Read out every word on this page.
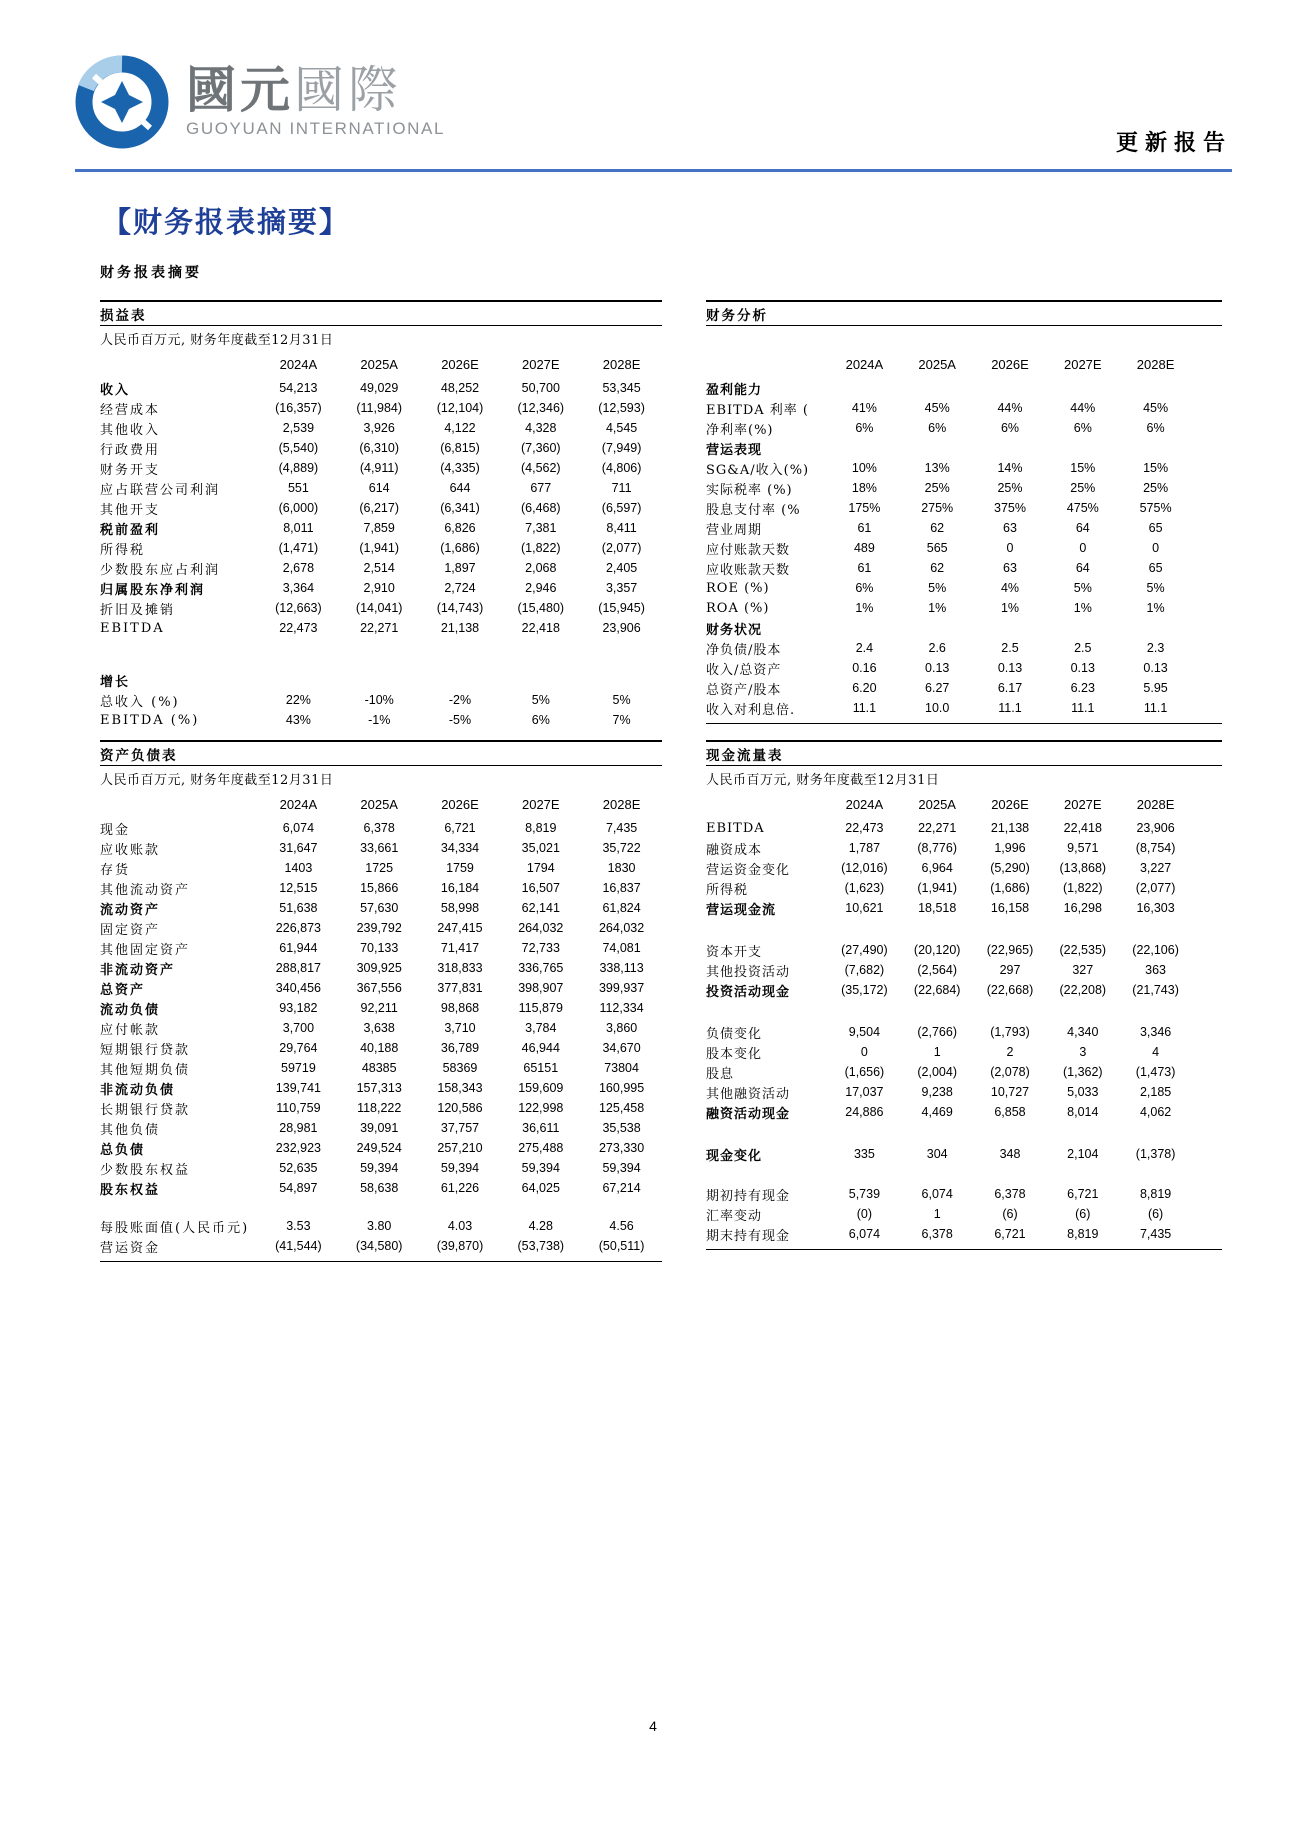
國元國際
GUOYUAN INTERNATIONAL
更新报告
【财务报表摘要】
财务报表摘要
损益表
人民币百万元, 财务年度截至12月31日
2024A	2025A	2026E	2027E	2028E
收入	54,213	49,029	48,252	50,700	53,345
经营成本	(16,357)	(11,984)	(12,104)	(12,346)	(12,593)
其他收入	2,539	3,926	4,122	4,328	4,545
行政费用	(5,540)	(6,310)	(6,815)	(7,360)	(7,949)
财务开支	(4,889)	(4,911)	(4,335)	(4,562)	(4,806)
应占联营公司利润	551	614	644	677	711
其他开支	(6,000)	(6,217)	(6,341)	(6,468)	(6,597)
税前盈利	8,011	7,859	6,826	7,381	8,411
所得税	(1,471)	(1,941)	(1,686)	(1,822)	(2,077)
少数股东应占利润	2,678	2,514	1,897	2,068	2,405
归属股东净利润	3,364	2,910	2,724	2,946	3,357
折旧及摊销	(12,663)	(14,041)	(14,743)	(15,480)	(15,945)
EBITDA	22,473	22,271	21,138	22,418	23,906
增长
总收入 (%)	22%	-10%	-2%	5%	5%
EBITDA (%)	43%	-1%	-5%	6%	7%
财务分析
2024A	2025A	2026E	2027E	2028E
盈利能力
EBITDA 利率 (	41%	45%	44%	44%	45%
净利率(%)	6%	6%	6%	6%	6%
营运表现
SG&A/收入(%)	10%	13%	14%	15%	15%
实际税率 (%)	18%	25%	25%	25%	25%
股息支付率 (%	175%	275%	375%	475%	575%
营业周期	61	62	63	64	65
应付账款天数	489	565	0	0	0
应收账款天数	61	62	63	64	65
ROE (%)	6%	5%	4%	5%	5%
ROA (%)	1%	1%	1%	1%	1%
财务状况
净负债/股本	2.4	2.6	2.5	2.5	2.3
收入/总资产	0.16	0.13	0.13	0.13	0.13
总资产/股本	6.20	6.27	6.17	6.23	5.95
收入对利息倍.	11.1	10.0	11.1	11.1	11.1
资产负债表
人民币百万元, 财务年度截至12月31日
2024A	2025A	2026E	2027E	2028E
现金	6,074	6,378	6,721	8,819	7,435
应收账款	31,647	33,661	34,334	35,021	35,722
存货	1403	1725	1759	1794	1830
其他流动资产	12,515	15,866	16,184	16,507	16,837
流动资产	51,638	57,630	58,998	62,141	61,824
固定资产	226,873	239,792	247,415	264,032	264,032
其他固定资产	61,944	70,133	71,417	72,733	74,081
非流动资产	288,817	309,925	318,833	336,765	338,113
总资产	340,456	367,556	377,831	398,907	399,937
流动负债	93,182	92,211	98,868	115,879	112,334
应付帐款	3,700	3,638	3,710	3,784	3,860
短期银行贷款	29,764	40,188	36,789	46,944	34,670
其他短期负债	59719	48385	58369	65151	73804
非流动负债	139,741	157,313	158,343	159,609	160,995
长期银行贷款	110,759	118,222	120,586	122,998	125,458
其他负债	28,981	39,091	37,757	36,611	35,538
总负债	232,923	249,524	257,210	275,488	273,330
少数股东权益	52,635	59,394	59,394	59,394	59,394
股东权益	54,897	58,638	61,226	64,025	67,214
每股账面值(人民币元)	3.53	3.80	4.03	4.28	4.56
营运资金	(41,544)	(34,580)	(39,870)	(53,738)	(50,511)
现金流量表
人民币百万元, 财务年度截至12月31日
2024A	2025A	2026E	2027E	2028E
EBITDA	22,473	22,271	21,138	22,418	23,906
融资成本	1,787	(8,776)	1,996	9,571	(8,754)
营运资金变化	(12,016)	6,964	(5,290)	(13,868)	3,227
所得税	(1,623)	(1,941)	(1,686)	(1,822)	(2,077)
营运现金流	10,621	18,518	16,158	16,298	16,303
资本开支	(27,490)	(20,120)	(22,965)	(22,535)	(22,106)
其他投资活动	(7,682)	(2,564)	297	327	363
投资活动现金	(35,172)	(22,684)	(22,668)	(22,208)	(21,743)
负债变化	9,504	(2,766)	(1,793)	4,340	3,346
股本变化	0	1	2	3	4
股息	(1,656)	(2,004)	(2,078)	(1,362)	(1,473)
其他融资活动	17,037	9,238	10,727	5,033	2,185
融资活动现金	24,886	4,469	6,858	8,014	4,062
现金变化	335	304	348	2,104	(1,378)
期初持有现金	5,739	6,074	6,378	6,721	8,819
汇率变动	(0)	1	(6)	(6)	(6)
期末持有现金	6,074	6,378	6,721	8,819	7,435
4
